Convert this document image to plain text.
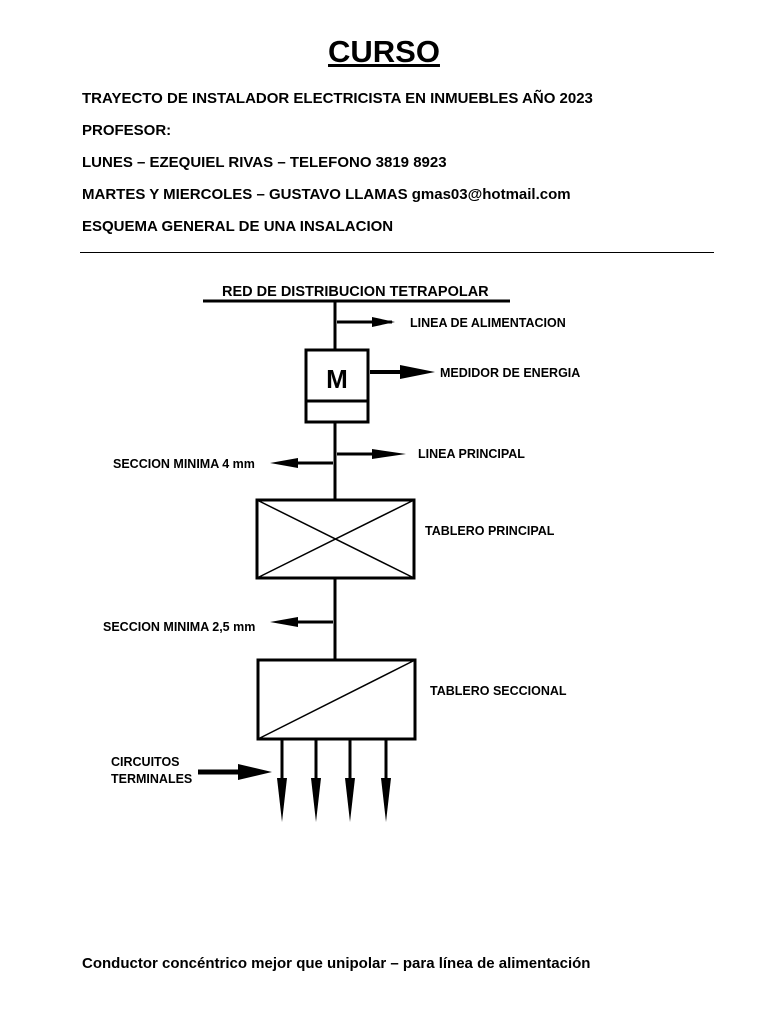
CURSO

TRAYECTO DE INSTALADOR ELECTRICISTA EN INMUEBLES AÑO 2023

PROFESOR:

LUNES – EZEQUIEL RIVAS – TELEFONO 3819 8923

MARTES Y MIERCOLES – GUSTAVO LLAMAS gmas03@hotmail.com

ESQUEMA GENERAL DE UNA INSALACION

RED DE DISTRIBUCION TETRAPOLAR
LINEA DE ALIMENTACION
M	MEDIDOR DE ENERGIA
LINEA PRINCIPAL
SECCION MINIMA 4 mm
TABLERO PRINCIPAL
SECCION MINIMA 2,5 mm
TABLERO SECCIONAL
CIRCUITOS
TERMINALES

Conductor concéntrico mejor que unipolar – para línea de alimentación
